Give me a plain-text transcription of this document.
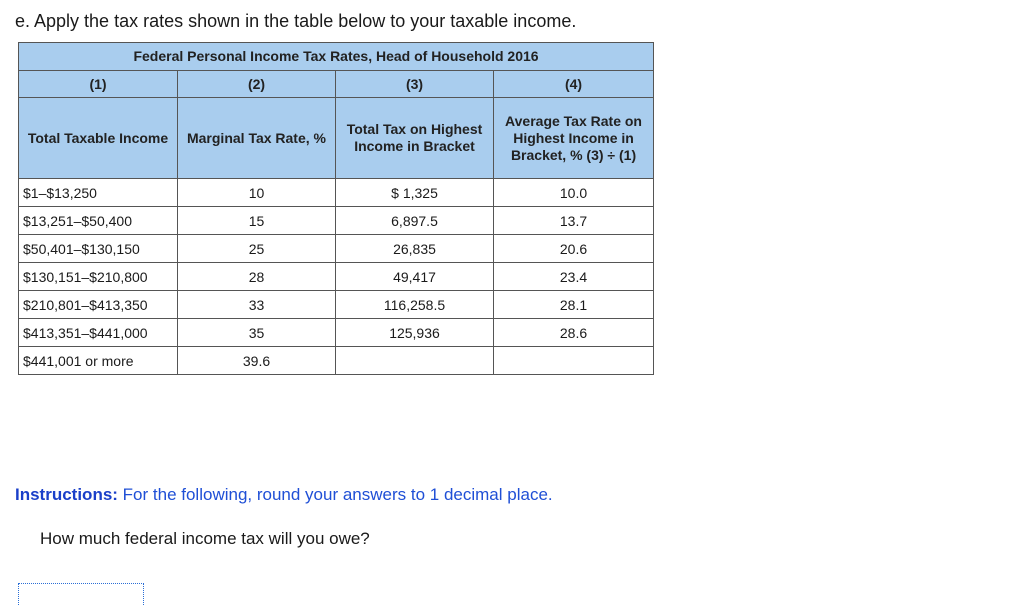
e. Apply the tax rates shown in the table below to your taxable income.
Federal Personal Income Tax Rates, Head of Household 2016			
(1)	(2)	(3)	(4)
Total Taxable Income	Marginal Tax Rate, %	Total Tax on Highest Income in Bracket	Average Tax Rate on Highest Income in Bracket, % (3) ÷ (1)
$1–$13,250	10	$ 1,325	10.0
$13,251–$50,400	15	6,897.5	13.7
$50,401–$130,150	25	26,835	20.6
$130,151–$210,800	28	49,417	23.4
$210,801–$413,350	33	116,258.5	28.1
$413,351–$441,000	35	125,936	28.6
$441,001 or more	39.6		
Instructions: For the following, round your answers to 1 decimal place.
How much federal income tax will you owe?
